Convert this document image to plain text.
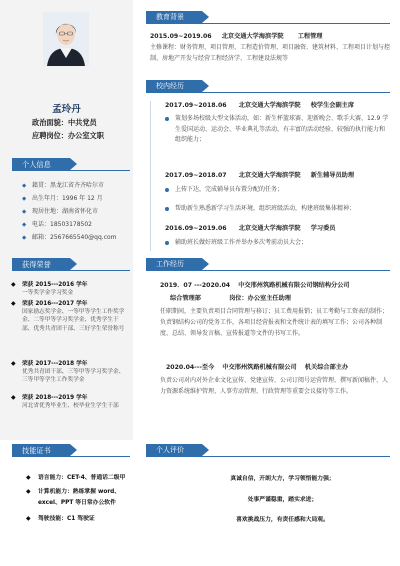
孟玲丹
政治面貌：中共党员
应聘岗位：办公室文职
个人信息
◆ 籍贯：黑龙江省齐齐哈尔市
◆ 出生年月：1996 年 12 月
◆ 现居住地：湖南省怀化市
◆ 电话：18503178502
◆ 邮箱：2567665540@qq.com
获得荣誉
◆ 荣获 2015---2016 学年
一等奖学金学习奖金
◆ 荣获 2016---2017 学年
国家励志奖学金、一等甲等学生工作奖学金、二等甲等学习奖学金、优秀学生干部、优秀共青团干部、三好学生荣誉称号
◆ 荣获 2017---2018 学年
优秀共青团干部、三等甲等学习奖学金、三等甲等学生工作奖学金
◆ 荣获 2018---2019 学年
河北省优秀毕业生、校毕业生学生干部
教育背景
2015.09~2019.06 北京交通大学海滨学院 工程管理
主修课程：财务管理、项目管理、工程造价管理、项目融资、建筑材料、工程项目计划与控制、房地产开发与经营工程经济学、工程建设法规等
校内经历
2017.09~2018.06 北京交通大学海滨学院 校学生会副主席
策划多场校级大型文体活动，如：新生杯篮球赛、迎新晚会、歌手大赛、12.9 学生爱国运动、运动会、毕业典礼等活动，有丰富的活动经验、较强的执行能力和组织能力；
2017.09~2018.07 北京交通大学海滨学院 新生辅导员助理
上传下达，完成辅导员布置分配的任务；
帮助新生熟悉新学习生活环境，组织班级活动，构建班级集体精神；
2016.09~2019.06 北京交通大学海滨学院 学习委员
辅助班长做好班级工作并举办多次考前动员大会；
工作经历
2019．07 ---2020.04 中交邢州筑路机械有限公司钢结构分公司
综合管理部	岗位：办公室主任助理
任职期间，主要负责项目合同管理与移订；员工费用报销；员工考勤与工资表的制作；负责钢结构公司的党务工作，各项目经营报表和文件统计表的填写工作；公司各种制度、总结、领导发言稿、宣传报道等文件的书写工作。
2020.04---至今 中交邢州筑路机械有限公司 机关综合部主办
负责公司对内对外企业文化宣传、党建宣传、公司订阅号运营管理、撰写新闻稿件、人力资源系统维护管理、人事劳动管理、行政管理等重要会议接待等工作。
技能证书
◆ 语言能力：CET-4、普通话二级甲
◆ 计算机能力：熟练掌握 word、excel、PPT 等日常办公软件
◆ 驾驶技能：C1 驾驶证
个人评价
真诚自信，开朗大方，学习领悟能力强；
处事严谨稳重，踏实求进；
喜欢挑战压力，有责任感和大局观。
